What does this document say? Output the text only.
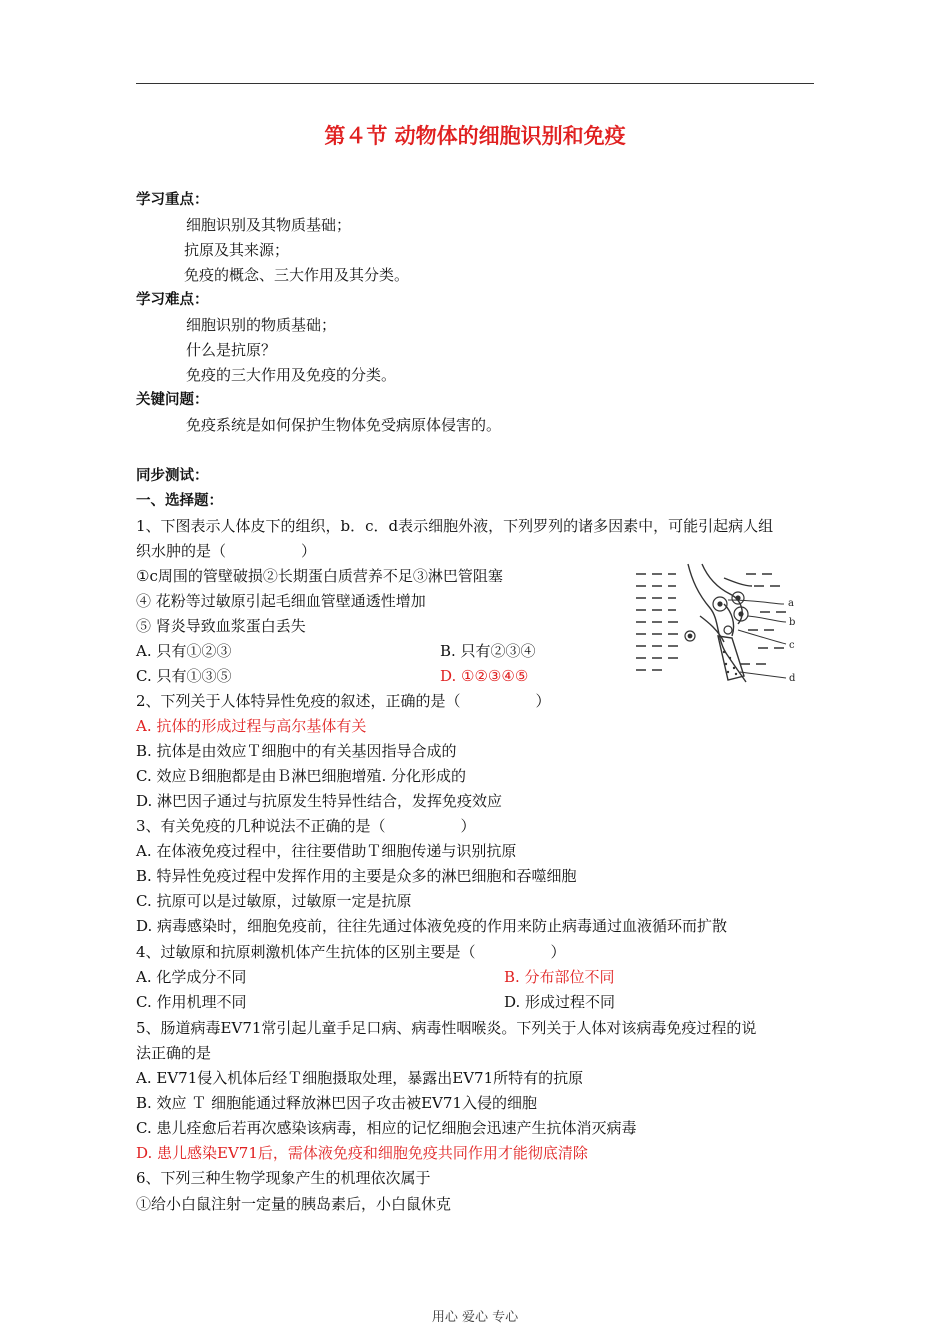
第４节 动物体的细胞识别和免疫
学习重点：
细胞识别及其物质基础；
抗原及其来源；
免疫的概念、三大作用及其分类。
学习难点：
细胞识别的物质基础；
什么是抗原？
免疫的三大作用及免疫的分类。
关键问题：
免疫系统是如何保护生物体免受病原体侵害的。
同步测试：
一、选择题：
1、下图表示人体皮下的组织，b．c．d表示细胞外液，下列罗列的诸多因素中，可能引起病人组
织水肿的是（　　　　　）
①c周围的管壁破损②长期蛋白质营养不足③淋巴管阻塞
④ 花粉等过敏原引起毛细血管壁通透性增加
⑤ 肾炎导致血浆蛋白丢失
A. 只有①②③	B. 只有②③④
C. 只有①③⑤	D. ①②③④⑤
a
b
c
d
2、下列关于人体特异性免疫的叙述，正确的是（　　　　　）
A. 抗体的形成过程与高尔基体有关
B. 抗体是由效应Ｔ细胞中的有关基因指导合成的
C. 效应Ｂ细胞都是由Ｂ淋巴细胞增殖. 分化形成的
D. 淋巴因子通过与抗原发生特异性结合，发挥免疫效应
3、有关免疫的几种说法不正确的是（　　　　　）
A. 在体液免疫过程中，往往要借助Ｔ细胞传递与识别抗原
B. 特异性免疫过程中发挥作用的主要是众多的淋巴细胞和吞噬细胞
C. 抗原可以是过敏原，过敏原一定是抗原
D. 病毒感染时，细胞免疫前，往往先通过体液免疫的作用来防止病毒通过血液循环而扩散
4、过敏原和抗原刺激机体产生抗体的区别主要是（　　　　　）
A. 化学成分不同	B. 分布部位不同
C. 作用机理不同	D. 形成过程不同
5、肠道病毒EV71常引起儿童手足口病、病毒性咽喉炎。下列关于人体对该病毒免疫过程的说
法正确的是
A. EV71侵入机体后经Ｔ细胞摄取处理，暴露出EV71所特有的抗原
B. 效应 Ｔ 细胞能通过释放淋巴因子攻击被EV71入侵的细胞
C. 患儿痊愈后若再次感染该病毒，相应的记忆细胞会迅速产生抗体消灭病毒
D. 患儿感染EV71后，需体液免疫和细胞免疫共同作用才能彻底清除
6、下列三种生物学现象产生的机理依次属于
①给小白鼠注射一定量的胰岛素后，小白鼠休克
用心 爱心 专心
